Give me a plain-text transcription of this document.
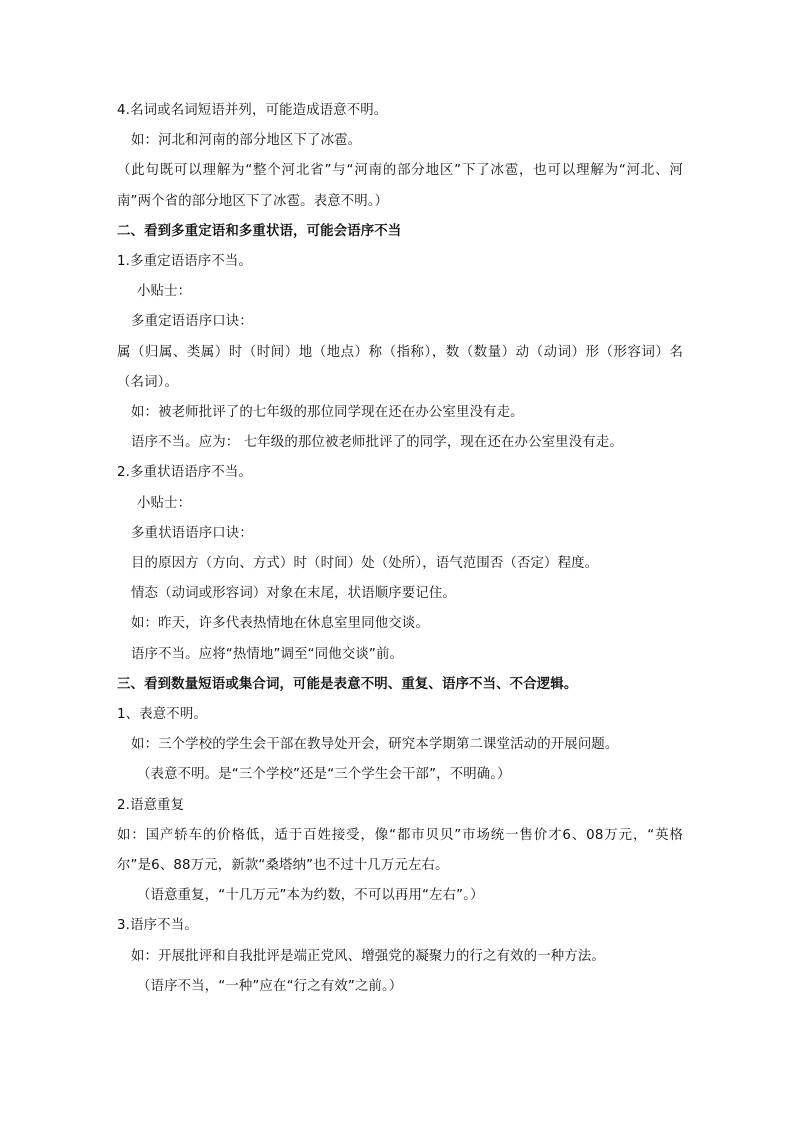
4.名词或名词短语并列，可能造成语意不明。

如：河北和河南的部分地区下了冰雹。

（此句既可以理解为“整个河北省”与“河南的部分地区”下了冰雹，也可以理解为“河北、河南”两个省的部分地区下了冰雹。表意不明。）

二、看到多重定语和多重状语，可能会语序不当

1.多重定语语序不当。

小贴士：

多重定语语序口诀：

属（归属、类属）时（时间）地（地点）称（指称），数（数量）动（动词）形（形容词）名（名词）。

如：被老师批评了的七年级的那位同学现在还在办公室里没有走。

语序不当。应为： 七年级的那位被老师批评了的同学，现在还在办公室里没有走。

2.多重状语语序不当。

小贴士：

多重状语语序口诀：

目的原因方（方向、方式）时（时间）处（处所），语气范围否（否定）程度。

情态（动词或形容词）对象在末尾，状语顺序要记住。

如：昨天，许多代表热情地在休息室里同他交谈。

语序不当。应将“热情地”调至“同他交谈”前。

三、看到数量短语或集合词，可能是表意不明、重复、语序不当、不合逻辑。

1、表意不明。

如：三个学校的学生会干部在教导处开会，研究本学期第二课堂活动的开展问题。

（表意不明。是“三个学校”还是“三个学生会干部”，不明确。）

2.语意重复

如：国产轿车的价格低，适于百姓接受，像“都市贝贝”市场统一售价才6、08万元，“英格尔”是6、88万元，新款“桑塔纳”也不过十几万元左右。

（语意重复，“十几万元”本为约数，不可以再用“左右”。）

3.语序不当。

如：开展批评和自我批评是端正党风、增强党的凝聚力的行之有效的一种方法。

（语序不当，“一种”应在“行之有效”之前。）
